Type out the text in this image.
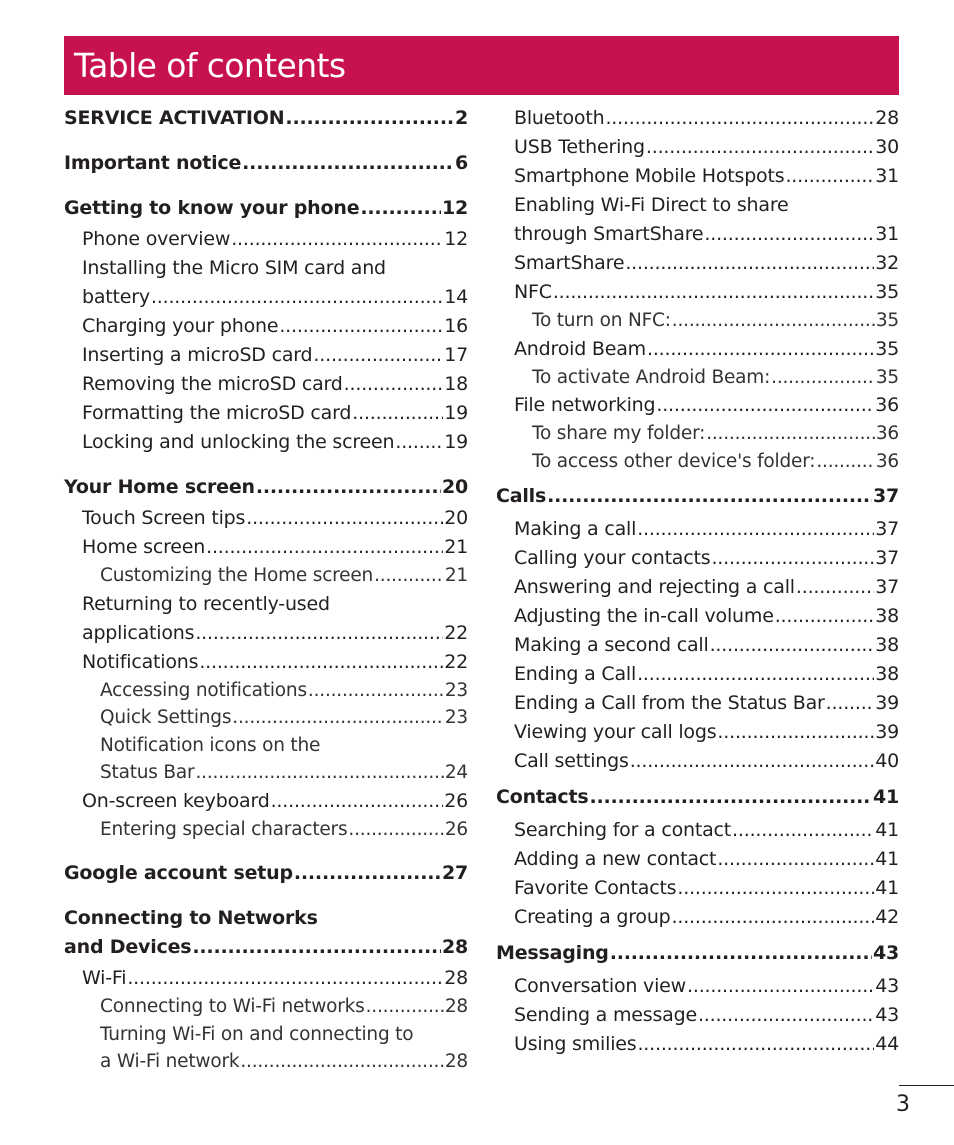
Table of contents
SERVICE ACTIVATION .....	2
Important notice .....	6
Getting to know your phone .....	12
Phone overview .....	12
Installing the Micro SIM card and
battery .....	14
Charging your phone .....	16
Inserting a microSD card .....	17
Removing the microSD card .....	18
Formatting the microSD card .....	19
Locking and unlocking the screen .....	19
Your Home screen .....	20
Touch Screen tips .....	20
Home screen .....	21
Customizing the Home screen .....	21
Returning to recently-used
applications .....	22
Notifications .....	22
Accessing notifications .....	23
Quick Settings .....	23
Notification icons on the
Status Bar .....	24
On-screen keyboard .....	26
Entering special characters .....	26
Google account setup .....	27
Connecting to Networks
and Devices .....	28
Wi-Fi .....	28
Connecting to Wi-Fi networks .....	28
Turning Wi-Fi on and connecting to
a Wi-Fi network .....	28
Bluetooth .....	28
USB Tethering .....	30
Smartphone Mobile Hotspots .....	31
Enabling Wi-Fi Direct to share
through SmartShare .....	31
SmartShare .....	32
NFC .....	35
To turn on NFC: .....	35
Android Beam .....	35
To activate Android Beam: .....	35
File networking .....	36
To share my folder: .....	36
To access other device's folder: .....	36
Calls .....	37
Making a call .....	37
Calling your contacts .....	37
Answering and rejecting a call .....	37
Adjusting the in-call volume .....	38
Making a second call .....	38
Ending a Call .....	38
Ending a Call from the Status Bar .....	39
Viewing your call logs .....	39
Call settings .....	40
Contacts .....	41
Searching for a contact .....	41
Adding a new contact .....	41
Favorite Contacts .....	41
Creating a group .....	42
Messaging .....	43
Conversation view .....	43
Sending a message .....	43
Using smilies .....	44
3
